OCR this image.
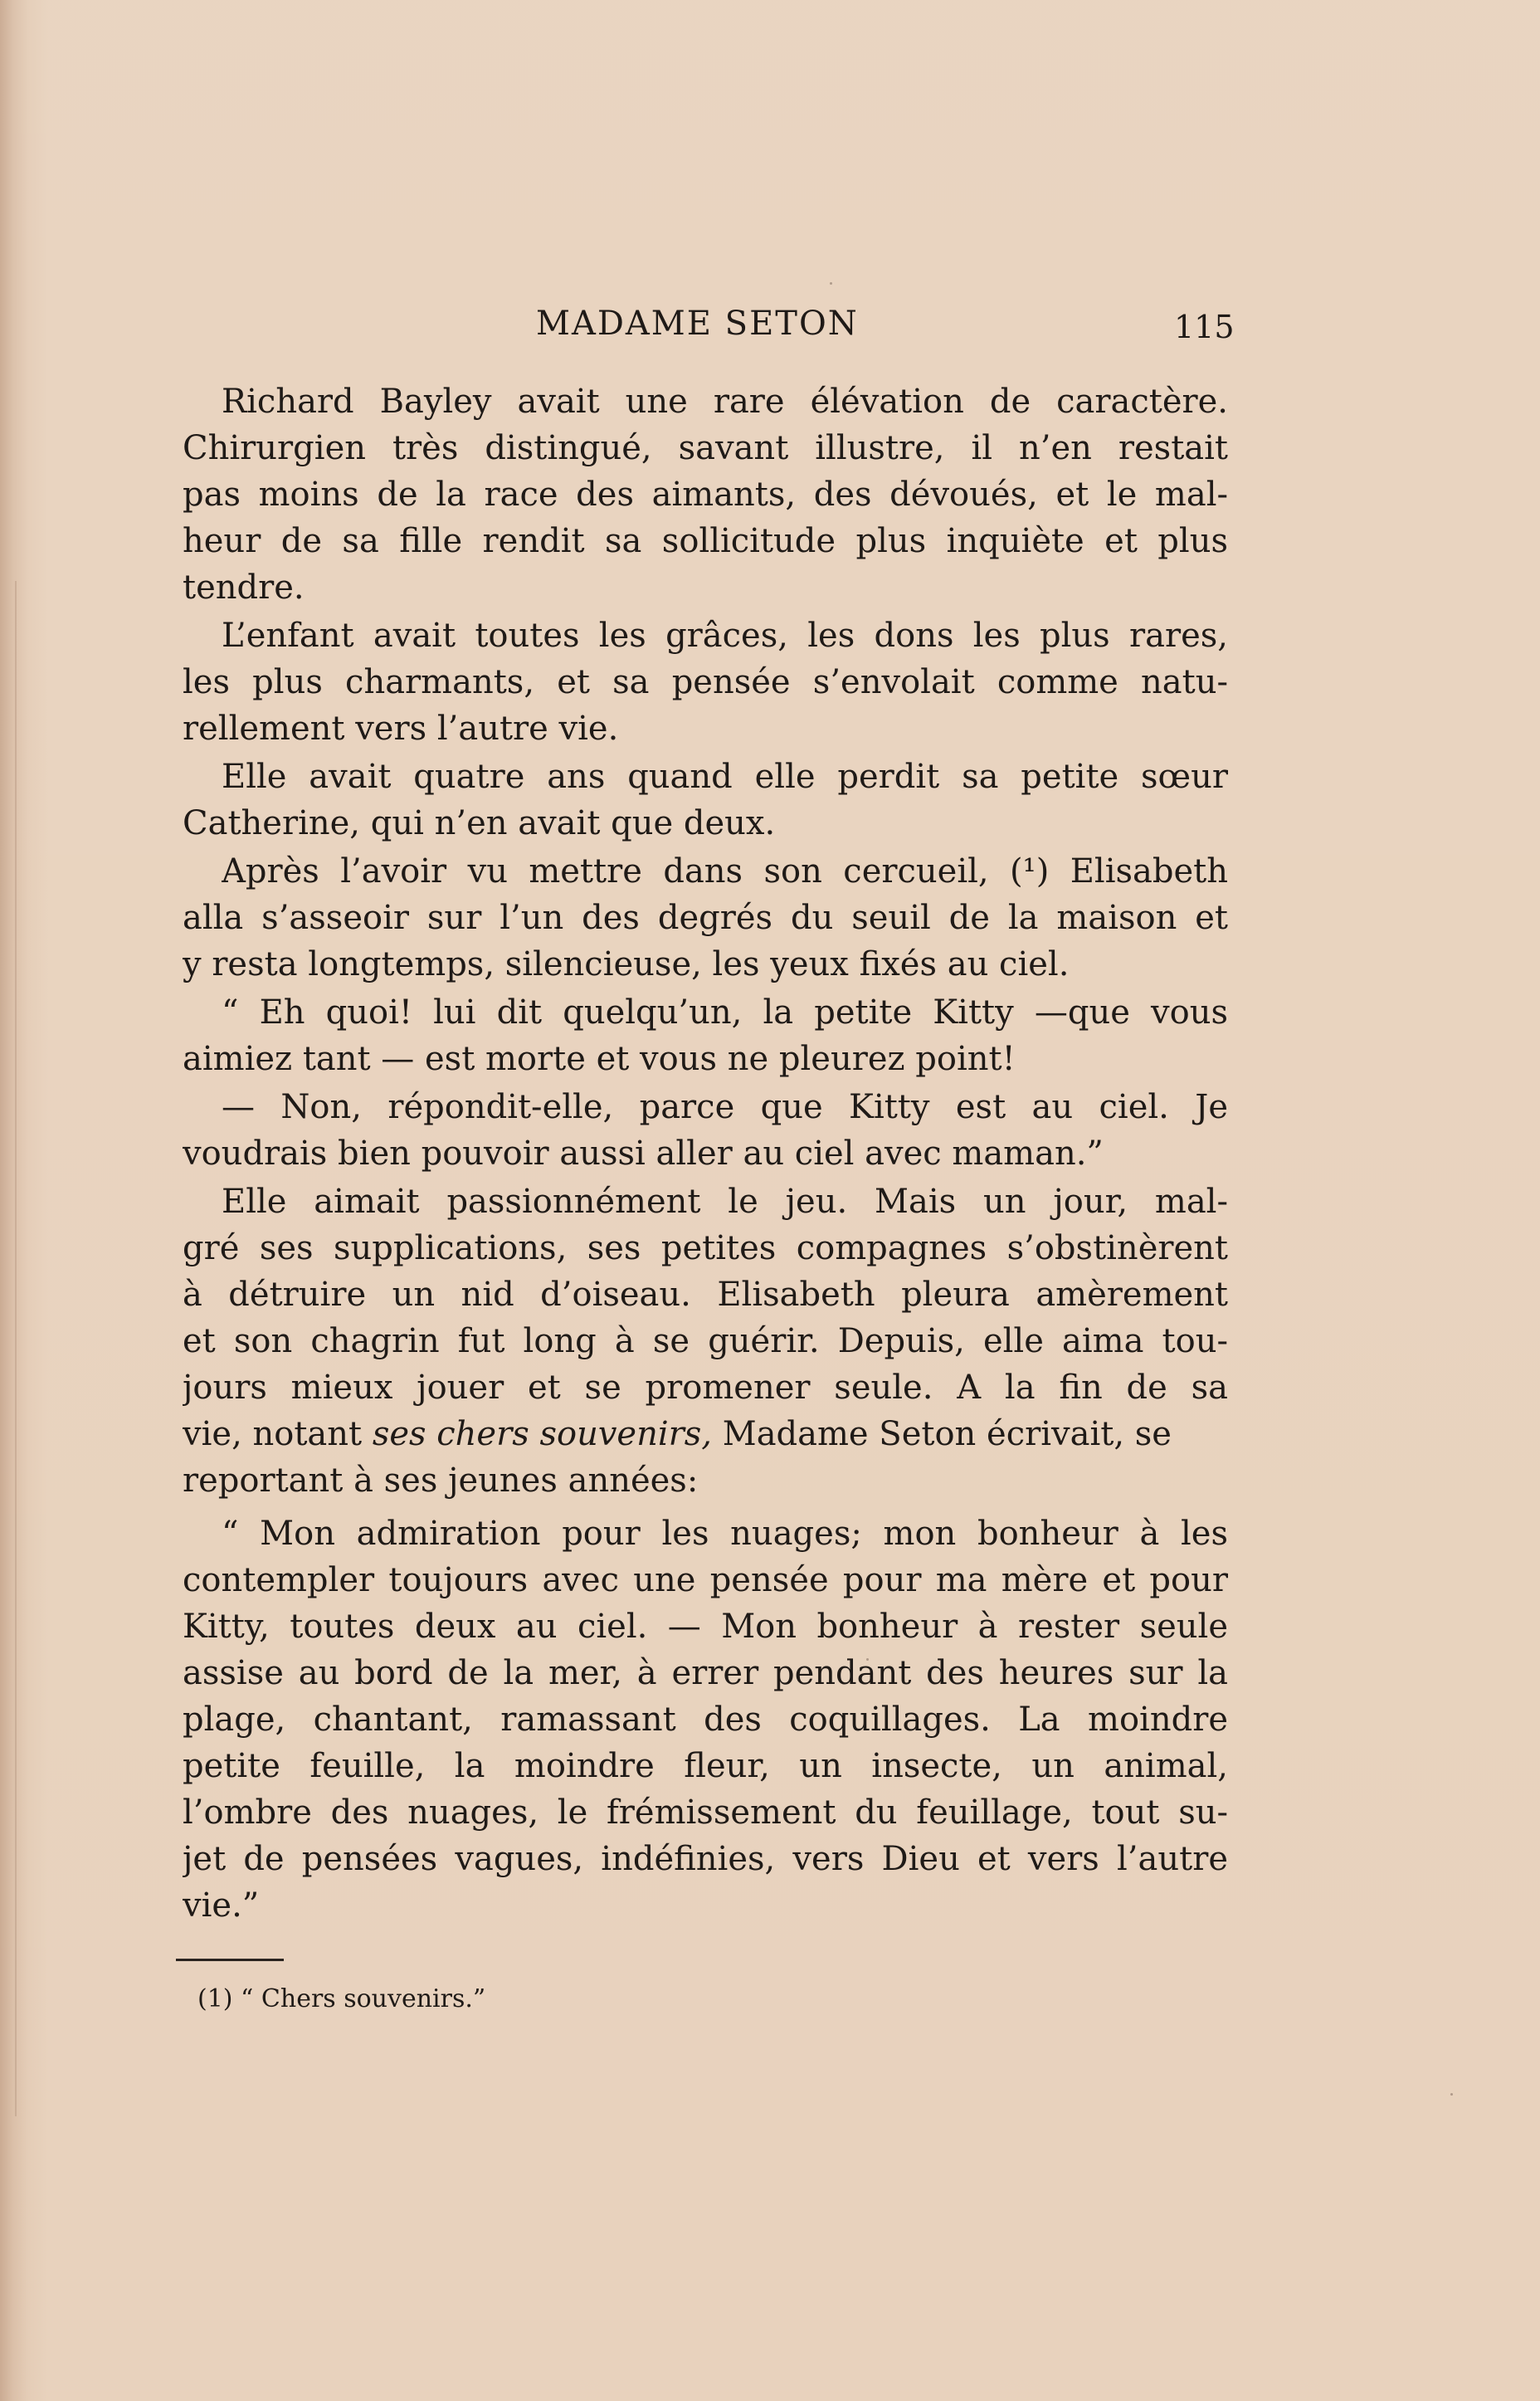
MADAME SETON	115
Richard Bayley avait une rare élévation de caractère.
Chirurgien très distingué, savant illustre, il n’en restait
pas moins de la race des aimants, des dévoués, et le mal-
heur de sa fille rendit sa sollicitude plus inquiète et plus
tendre.
L’enfant avait toutes les grâces, les dons les plus rares,
les plus charmants, et sa pensée s’envolait comme natu-
rellement vers l’autre vie.
Elle avait quatre ans quand elle perdit sa petite sœur
Catherine, qui n’en avait que deux.
Après l’avoir vu mettre dans son cercueil, (¹) Elisabeth
alla s’asseoir sur l’un des degrés du seuil de la maison et
y resta longtemps, silencieuse, les yeux fixés au ciel.
“ Eh quoi! lui dit quelqu’un, la petite Kitty —que vous
aimiez tant — est morte et vous ne pleurez point!
— Non, répondit-elle, parce que Kitty est au ciel. Je
voudrais bien pouvoir aussi aller au ciel avec maman.”
Elle aimait passionnément le jeu. Mais un jour, mal-
gré ses supplications, ses petites compagnes s’obstinèrent
à détruire un nid d’oiseau. Elisabeth pleura amèrement
et son chagrin fut long à se guérir. Depuis, elle aima tou-
jours mieux jouer et se promener seule. A la fin de sa
vie, notant ses chers souvenirs, Madame Seton écrivait, se
reportant à ses jeunes années:
“ Mon admiration pour les nuages; mon bonheur à les
contempler toujours avec une pensée pour ma mère et pour
Kitty, toutes deux au ciel. — Mon bonheur à rester seule
assise au bord de la mer, à errer pendant des heures sur la
plage, chantant, ramassant des coquillages. La moindre
petite feuille, la moindre fleur, un insecte, un animal,
l’ombre des nuages, le frémissement du feuillage, tout su-
jet de pensées vagues, indéfinies, vers Dieu et vers l’autre
vie.”
(1) “ Chers souvenirs.”
